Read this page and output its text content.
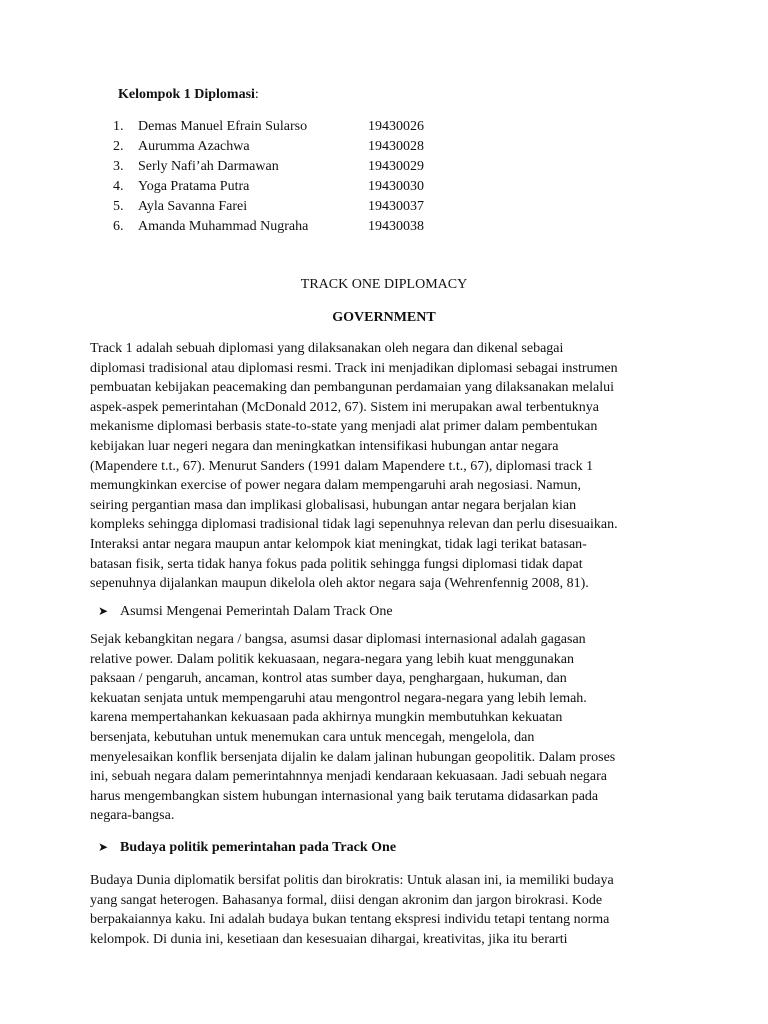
Kelompok 1 Diplomasi:
1. Demas Manuel Efrain Sularso	19430026
2. Aurumma Azachwa	19430028
3. Serly Nafi’ah Darmawan	19430029
4. Yoga Pratama Putra	19430030
5. Ayla Savanna Farei	19430037
6. Amanda Muhammad Nugraha	19430038
TRACK ONE DIPLOMACY
GOVERNMENT
Track 1 adalah sebuah diplomasi yang dilaksanakan oleh negara dan dikenal sebagai
diplomasi tradisional atau diplomasi resmi. Track ini menjadikan diplomasi sebagai instrumen
pembuatan kebijakan peacemaking dan pembangunan perdamaian yang dilaksanakan melalui
aspek-aspek pemerintahan (McDonald 2012, 67). Sistem ini merupakan awal terbentuknya
mekanisme diplomasi berbasis state-to-state yang menjadi alat primer dalam pembentukan
kebijakan luar negeri negara dan meningkatkan intensifikasi hubungan antar negara
(Mapendere t.t., 67). Menurut Sanders (1991 dalam Mapendere t.t., 67), diplomasi track 1
memungkinkan exercise of power negara dalam mempengaruhi arah negosiasi. Namun,
seiring pergantian masa dan implikasi globalisasi, hubungan antar negara berjalan kian
kompleks sehingga diplomasi tradisional tidak lagi sepenuhnya relevan dan perlu disesuaikan.
Interaksi antar negara maupun antar kelompok kiat meningkat, tidak lagi terikat batasan-
batasan fisik, serta tidak hanya fokus pada politik sehingga fungsi diplomasi tidak dapat
sepenuhnya dijalankan maupun dikelola oleh aktor negara saja (Wehrenfennig 2008, 81).
➤ Asumsi Mengenai Pemerintah Dalam Track One
Sejak kebangkitan negara / bangsa, asumsi dasar diplomasi internasional adalah gagasan
relative power. Dalam politik kekuasaan, negara-negara yang lebih kuat menggunakan
paksaan / pengaruh, ancaman, kontrol atas sumber daya, penghargaan, hukuman, dan
kekuatan senjata untuk mempengaruhi atau mengontrol negara-negara yang lebih lemah.
karena mempertahankan kekuasaan pada akhirnya mungkin membutuhkan kekuatan
bersenjata, kebutuhan untuk menemukan cara untuk mencegah, mengelola, dan
menyelesaikan konflik bersenjata dijalin ke dalam jalinan hubungan geopolitik. Dalam proses
ini, sebuah negara dalam pemerintahnnya menjadi kendaraan kekuasaan. Jadi sebuah negara
harus mengembangkan sistem hubungan internasional yang baik terutama didasarkan pada
negara-bangsa.
➤ Budaya politik pemerintahan pada Track One
Budaya Dunia diplomatik bersifat politis dan birokratis: Untuk alasan ini, ia memiliki budaya
yang sangat heterogen. Bahasanya formal, diisi dengan akronim dan jargon birokrasi. Kode
berpakaiannya kaku. Ini adalah budaya bukan tentang ekspresi individu tetapi tentang norma
kelompok. Di dunia ini, kesetiaan dan kesesuaian dihargai, kreativitas, jika itu berarti
